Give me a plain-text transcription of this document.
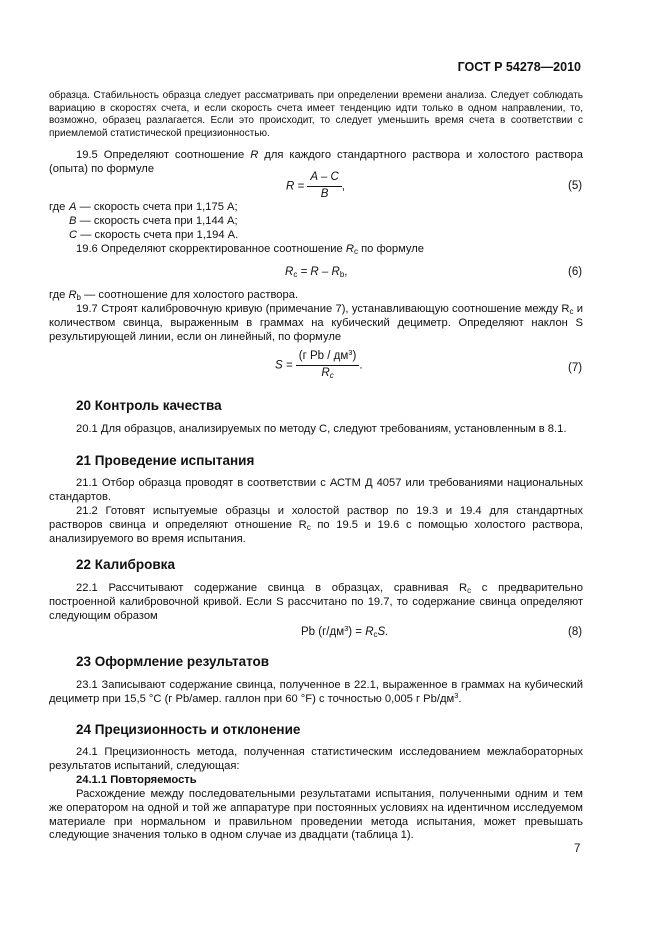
ГОСТ Р 54278—2010
образца. Стабильность образца следует рассматривать при определении времени анализа. Следует соблюдать вариацию в скоростях счета, и если скорость счета имеет тенденцию идти только в одном направлении, то, возможно, образец разлагается. Если это происходит, то следует уменьшить время счета в соответствии с приемлемой статистической прецизионностью.
19.5 Определяют соотношение R для каждого стандартного раствора и холостого раствора (опыта) по формуле
$R = \frac{A - C}{B}$ ,	(5)
где A — скорость счета при 1,175 А;
B — скорость счета при 1,144 А;
C — скорость счета при 1,194 А.
19.6 Определяют скорректированное соотношение $R_c$ по формуле
$R_c = R - R_b$,	(6)
где $R_b$ — соотношение для холостого раствора.
19.7 Строят калибровочную кривую (примечание 7), устанавливающую соотношение между $R_c$ и количеством свинца, выраженным в граммах на кубический дециметр. Определяют наклон S результирующей линии, если он линейный, по формуле
$S = \frac{(г Pb / дм^3)}{R_c}$ .	(7)
20 Контроль качества
20.1 Для образцов, анализируемых по методу С, следуют требованиям, установленным в 8.1.
21 Проведение испытания
21.1 Отбор образца проводят в соответствии с АСТМ Д 4057 или требованиями национальных стандартов.
21.2 Готовят испытуемые образцы и холостой раствор по 19.3 и 19.4 для стандартных растворов свинца и определяют отношение $R_c$ по 19.5 и 19.6 с помощью холостого раствора, анализируемого во время испытания.
22 Калибровка
22.1 Рассчитывают содержание свинца в образцах, сравнивая $R_c$ с предварительно построенной калибровочной кривой. Если S рассчитано по 19.7, то содержание свинца определяют следующим образом
Pb $(г/дм^3) = R_cS$.	(8)
23 Оформление результатов
23.1 Записывают содержание свинца, полученное в 22.1, выраженное в граммах на кубический дециметр при 15,5 °С (г Pb/амер. галлон при 60 °F) с точностью 0,005 г $Pb/дм^3$.
24 Прецизионность и отклонение
24.1 Прецизионность метода, полученная статистическим исследованием межлабораторных результатов испытаний, следующая:
24.1.1 Повторяемость
Расхождение между последовательными результатами испытания, полученными одним и тем же оператором на одной и той же аппаратуре при постоянных условиях на идентичном исследуемом материале при нормальном и правильном проведении метода испытания, может превышать следующие значения только в одном случае из двадцати (таблица 1).
7
